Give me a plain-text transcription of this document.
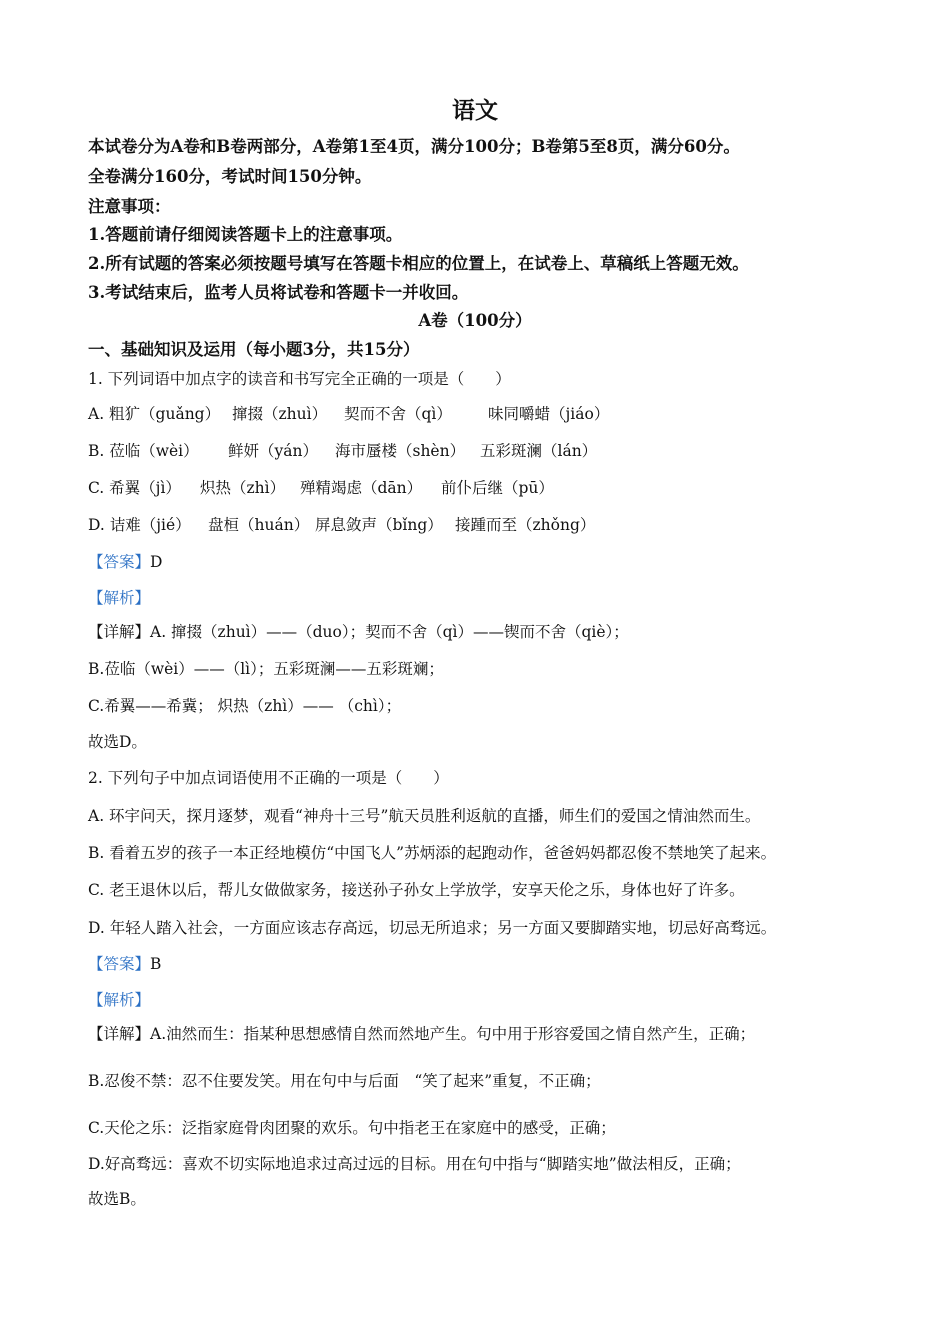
语文
本试卷分为A卷和B卷两部分，A卷第1至4页，满分100分；B卷第5至8页，满分60分。
全卷满分160分，考试时间150分钟。
注意事项：
1.答题前请仔细阅读答题卡上的注意事项。
2.所有试题的答案必须按题号填写在答题卡相应的位置上，在试卷上、草稿纸上答题无效。
3.考试结束后，监考人员将试卷和答题卡一并收回。
A卷（100分）
一、基础知识及运用（每小题3分，共15分）
1. 下列词语中加点字的读音和书写完全正确的一项是（　　）
A. 粗犷（guǎng） 撺掇（zhuì） 契而不舍（qì） 味同嚼蜡（jiáo）
B. 莅临（wèi） 鲜妍（yán） 海市蜃楼（shèn） 五彩斑澜（lán）
C. 希翼（jì） 炽热（zhì） 殚精竭虑（dān） 前仆后继（pū）
D. 诘难（jié） 盘桓（huán） 屏息敛声（bǐng） 接踵而至（zhǒng）
【答案】D
【解析】
【详解】A. 撺掇（zhuì）——（duo）；契而不舍（qì）——锲而不舍（qiè）；
B.莅临（wèi）——（lì）；五彩斑澜——五彩斑斓；
C.希翼——希冀； 炽热（zhì）—— （chì）；
故选D。
2. 下列句子中加点词语使用不正确的一项是（　　）
A. 环宇问天，探月逐梦，观看“神舟十三号”航天员胜利返航的直播，师生们的爱国之情油然而生。
B. 看着五岁的孩子一本正经地模仿“中国飞人”苏炳添的起跑动作，爸爸妈妈都忍俊不禁地笑了起来。
C. 老王退休以后，帮儿女做做家务，接送孙子孙女上学放学，安享天伦之乐，身体也好了许多。
D. 年轻人踏入社会，一方面应该志存高远，切忌无所追求；另一方面又要脚踏实地，切忌好高骛远。
【答案】B
【解析】
【详解】A.油然而生：指某种思想感情自然而然地产生。句中用于形容爱国之情自然产生，正确；
B.忍俊不禁：忍不住要发笑。用在句中与后面　“笑了起来”重复，不正确；
C.天伦之乐：泛指家庭骨肉团聚的欢乐。句中指老王在家庭中的感受，正确；
D.好高骛远：喜欢不切实际地追求过高过远的目标。用在句中指与“脚踏实地”做法相反，正确；
故选B。
